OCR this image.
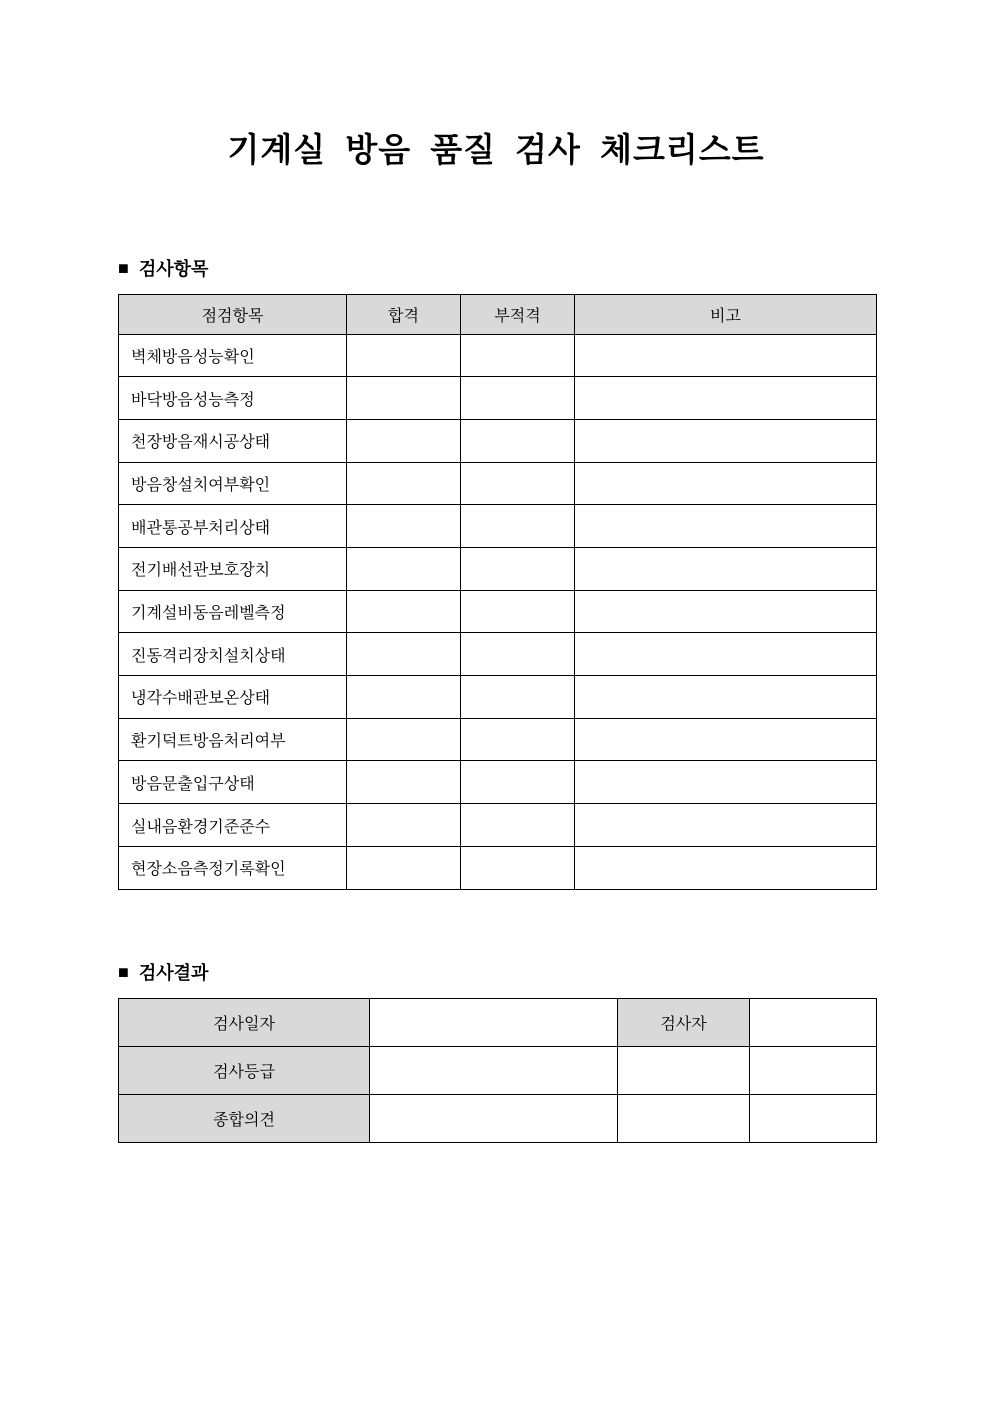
기계실 방음 품질 검사 체크리스트
■ 검사항목
점검항목	합격	부적격	비고
벽체방음성능확인			
바닥방음성능측정			
천장방음재시공상태			
방음창설치여부확인			
배관통공부처리상태			
전기배선관보호장치			
기계설비동음레벨측정			
진동격리장치설치상태			
냉각수배관보온상태			
환기덕트방음처리여부			
방음문출입구상태			
실내음환경기준준수			
현장소음측정기록확인			
■ 검사결과
검사일자		검사자	
검사등급			
종합의견			
